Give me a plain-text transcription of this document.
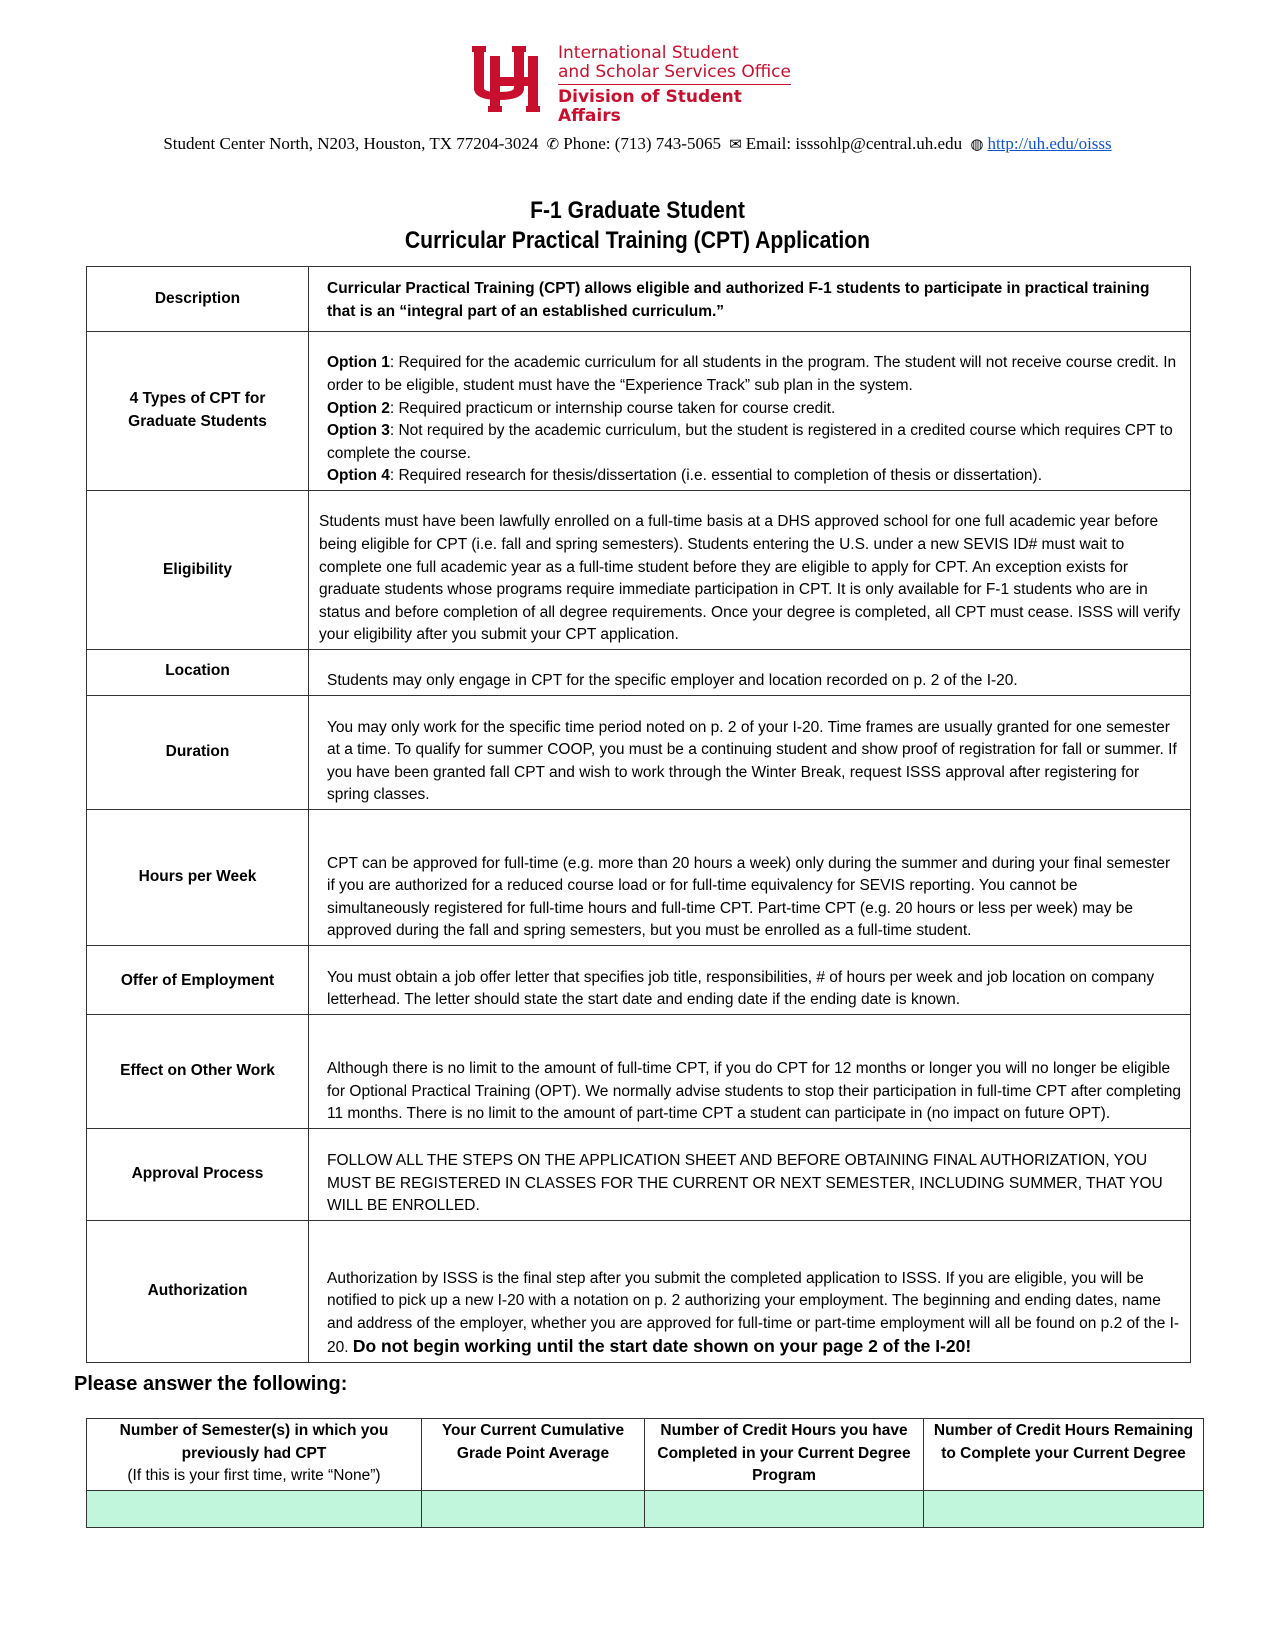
International Student
and Scholar Services Office
Division of Student Affairs
Student Center North, N203, Houston, TX 77204-3024 ✆ Phone: (713) 743-5065 ✉ Email: isssohlp@central.uh.edu ◍ http://uh.edu/oisss
F-1 Graduate Student
Curricular Practical Training (CPT) Application
Description	Curricular Practical Training (CPT) allows eligible and authorized F-1 students to participate in practical training that is an “integral part of an established curriculum.”

4 Types of CPT for Graduate Students	Option 1: Required for the academic curriculum for all students in the program. The student will not receive course credit. In order to be eligible, student must have the “Experience Track” sub plan in the system.
Option 2: Required practicum or internship course taken for course credit.
Option 3: Not required by the academic curriculum, but the student is registered in a credited course which requires CPT to complete the course.
Option 4: Required research for thesis/dissertation (i.e. essential to completion of thesis or dissertation).

Eligibility	Students must have been lawfully enrolled on a full-time basis at a DHS approved school for one full academic year before being eligible for CPT (i.e. fall and spring semesters). Students entering the U.S. under a new SEVIS ID# must wait to complete one full academic year as a full-time student before they are eligible to apply for CPT. An exception exists for graduate students whose programs require immediate participation in CPT. It is only available for F-1 students who are in status and before completion of all degree requirements. Once your degree is completed, all CPT must cease. ISSS will verify your eligibility after you submit your CPT application.
Location	Students may only engage in CPT for the specific employer and location recorded on p. 2 of the I-20.
Duration	You may only work for the specific time period noted on p. 2 of your I-20. Time frames are usually granted for one semester at a time. To qualify for summer COOP, you must be a continuing student and show proof of registration for fall or summer. If you have been granted fall CPT and wish to work through the Winter Break, request ISSS approval after registering for spring classes.
Hours per Week	CPT can be approved for full-time (e.g. more than 20 hours a week) only during the summer and during your final semester if you are authorized for a reduced course load or for full-time equivalency for SEVIS reporting. You cannot be simultaneously registered for full-time hours and full-time CPT. Part-time CPT (e.g. 20 hours or less per week) may be approved during the fall and spring semesters, but you must be enrolled as a full-time student.
Offer of Employment	You must obtain a job offer letter that specifies job title, responsibilities, # of hours per week and job location on company letterhead. The letter should state the start date and ending date if the ending date is known.
Effect on Other Work	Although there is no limit to the amount of full-time CPT, if you do CPT for 12 months or longer you will no longer be eligible for Optional Practical Training (OPT). We normally advise students to stop their participation in full-time CPT after completing 11 months. There is no limit to the amount of part-time CPT a student can participate in (no impact on future OPT).
Approval Process	FOLLOW ALL THE STEPS ON THE APPLICATION SHEET AND BEFORE OBTAINING FINAL AUTHORIZATION, YOU MUST BE REGISTERED IN CLASSES FOR THE CURRENT OR NEXT SEMESTER, INCLUDING SUMMER, THAT YOU WILL BE ENROLLED.
Authorization	Authorization by ISSS is the final step after you submit the completed application to ISSS. If you are eligible, you will be notified to pick up a new I-20 with a notation on p. 2 authorizing your employment. The beginning and ending dates, name and address of the employer, whether you are approved for full-time or part-time employment will all be found on p.2 of the I-20. Do not begin working until the start date shown on your page 2 of the I-20!
Please answer the following:
Number of Semester(s) in which you previously had CPT
(If this is your first time, write “None”)	Your Current Cumulative Grade Point Average	Number of Credit Hours you have Completed in your Current Degree Program	Number of Credit Hours Remaining to Complete your Current Degree
